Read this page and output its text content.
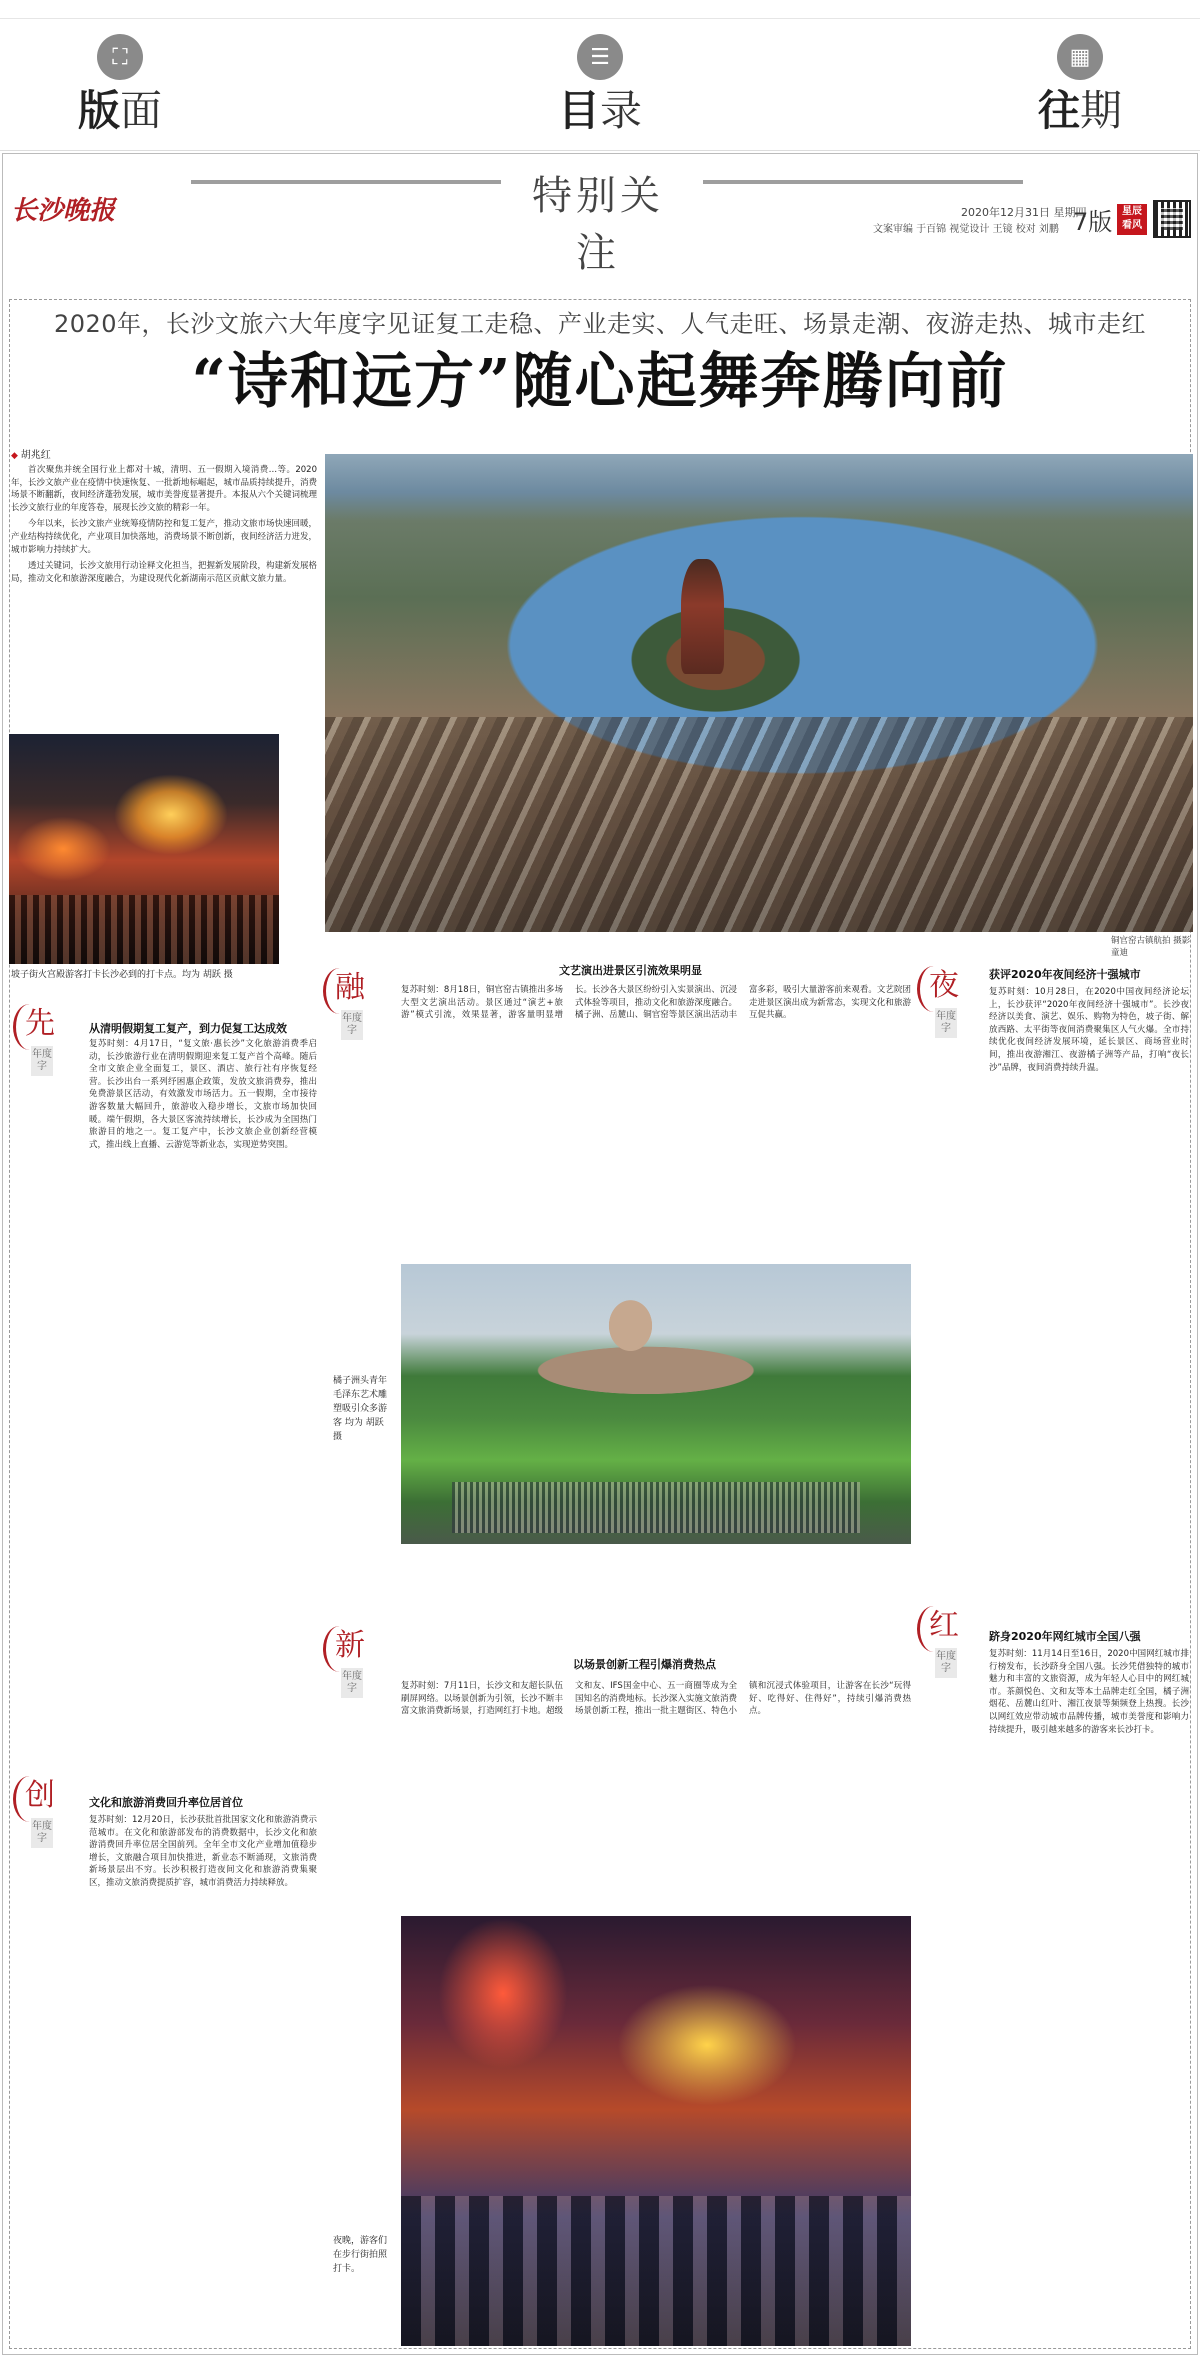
⛶
版面
☰
目录
▦
往期
长沙晚报	特别关注
2020年12月31日 星期四
文案审编 于百锦 视觉设计 王镜 校对 刘鹏 7版 星辰 看风
2020年，长沙文旅六大年度字见证复工走稳、产业走实、人气走旺、场景走潮、夜游走热、城市走红
“诗和远方”随心起舞奔腾向前
◆ 胡兆红

首次聚焦并统全国行业上都对十城，清明、五一假期入境消费…等。2020年，长沙文旅产业在疫情中快速恢复、一批新地标崛起，城市品质持续提升，消费场景不断翻新，夜间经济蓬勃发展，城市美誉度显著提升。本报从六个关键词梳理长沙文旅行业的年度答卷，展现长沙文旅的精彩一年。

今年以来，长沙文旅产业统筹疫情防控和复工复产，推动文旅市场快速回暖，产业结构持续优化，产业项目加快落地，消费场景不断创新，夜间经济活力迸发，城市影响力持续扩大。

透过关键词，长沙文旅用行动诠释文化担当，把握新发展阶段，构建新发展格局，推动文化和旅游深度融合，为建设现代化新湖南示范区贡献文旅力量。

铜官窑古镇航拍 摄影 童迪
坡子街火宫殿游客打卡长沙必到的打卡点。均为 胡跃 摄
橘子洲头青年毛泽东艺术雕塑吸引众多游客 均为 胡跃 摄
夜晚，游客们在步行街拍照打卡。
先
年度字
从清明假期复工复产，到力促复工达成效
复苏时刻：4月17日，“复文旅·惠长沙”文化旅游消费季启动，长沙旅游行业在清明假期迎来复工复产首个高峰。随后全市文旅企业全面复工，景区、酒店、旅行社有序恢复经营。长沙出台一系列纾困惠企政策，发放文旅消费券，推出免费游景区活动，有效激发市场活力。五一假期，全市接待游客数量大幅回升，旅游收入稳步增长，文旅市场加快回暖。端午假期，各大景区客流持续增长，长沙成为全国热门旅游目的地之一。复工复产中，长沙文旅企业创新经营模式，推出线上直播、云游览等新业态，实现逆势突围。
创
年度字
文化和旅游消费回升率位居首位
复苏时刻：12月20日，长沙获批首批国家文化和旅游消费示范城市。在文化和旅游部发布的消费数据中，长沙文化和旅游消费回升率位居全国前列。全年全市文化产业增加值稳步增长，文旅融合项目加快推进，新业态不断涌现，文旅消费新场景层出不穷。长沙积极打造夜间文化和旅游消费集聚区，推动文旅消费提质扩容，城市消费活力持续释放。
融
年度字
文艺演出进景区引流效果明显
复苏时刻：8月18日，铜官窑古镇推出多场大型文艺演出活动。景区通过“演艺+旅游”模式引流，效果显著，游客量明显增长。长沙各大景区纷纷引入实景演出、沉浸式体验等项目，推动文化和旅游深度融合。橘子洲、岳麓山、铜官窑等景区演出活动丰富多彩，吸引大量游客前来观看。文艺院团走进景区演出成为新常态，实现文化和旅游互促共赢。
新
年度字
以场景创新工程引爆消费热点
复苏时刻：7月11日，长沙文和友超长队伍刷屏网络。以场景创新为引领，长沙不断丰富文旅消费新场景，打造网红打卡地。超级文和友、IFS国金中心、五一商圈等成为全国知名的消费地标。长沙深入实施文旅消费场景创新工程，推出一批主题街区、特色小镇和沉浸式体验项目，让游客在长沙“玩得好、吃得好、住得好”，持续引爆消费热点。
夜
年度字
获评2020年夜间经济十强城市
复苏时刻：10月28日，在2020中国夜间经济论坛上，长沙获评“2020年夜间经济十强城市”。长沙夜经济以美食、演艺、娱乐、购物为特色，坡子街、解放西路、太平街等夜间消费聚集区人气火爆。全市持续优化夜间经济发展环境，延长景区、商场营业时间，推出夜游湘江、夜游橘子洲等产品，打响“夜长沙”品牌，夜间消费持续升温。
红
年度字
跻身2020年网红城市全国八强
复苏时刻：11月14日至16日，2020中国网红城市排行榜发布，长沙跻身全国八强。长沙凭借独特的城市魅力和丰富的文旅资源，成为年轻人心目中的网红城市。茶颜悦色、文和友等本土品牌走红全国，橘子洲烟花、岳麓山红叶、湘江夜景等频频登上热搜。长沙以网红效应带动城市品牌传播，城市美誉度和影响力持续提升，吸引越来越多的游客来长沙打卡。
